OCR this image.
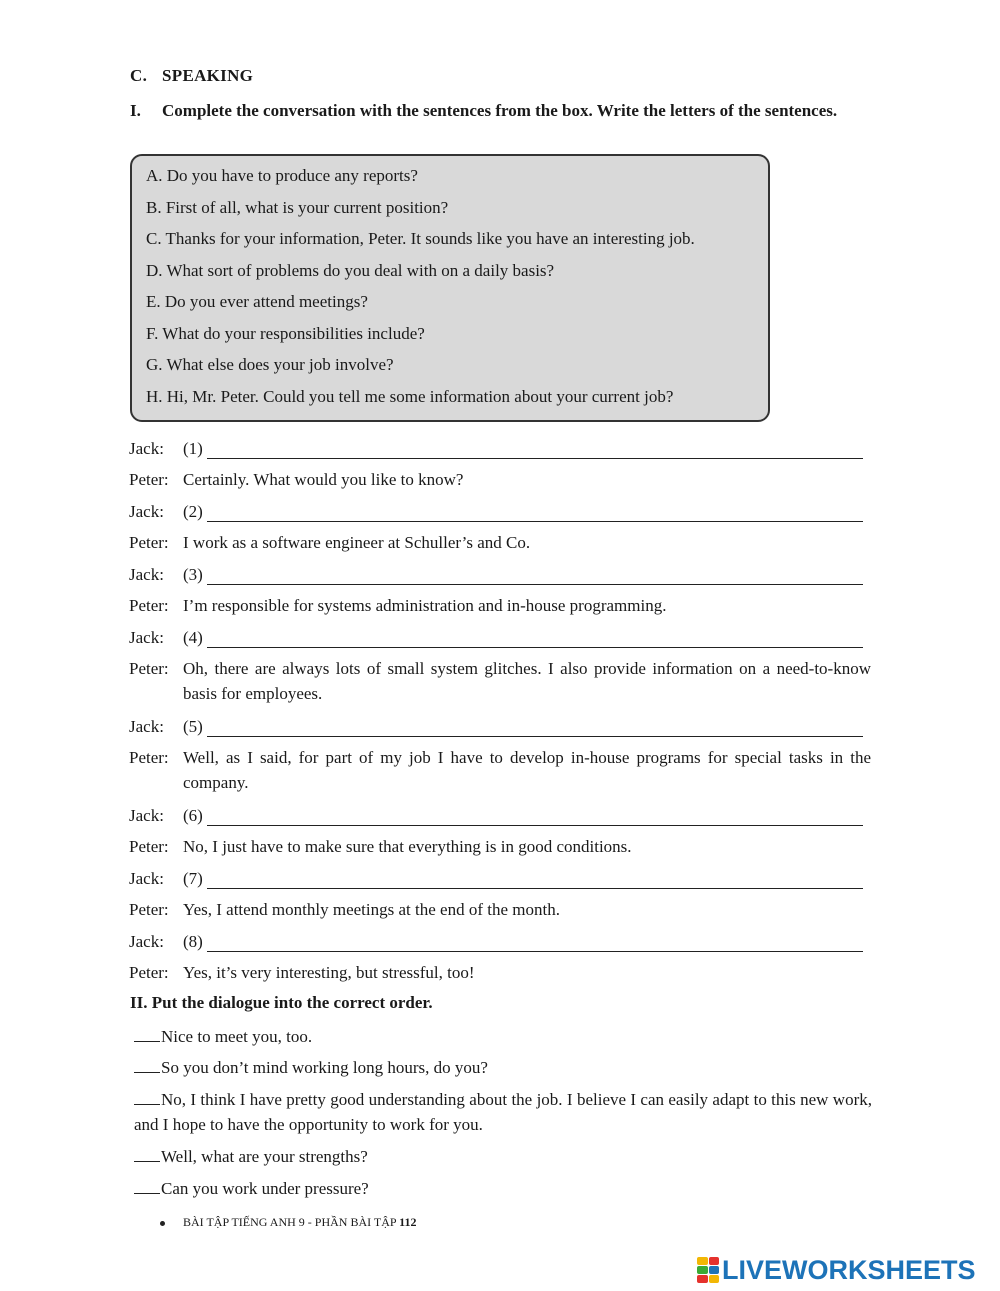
C. SPEAKING
I. Complete the conversation with the sentences from the box. Write the letters of the sentences.
A. Do you have to produce any reports?
B. First of all, what is your current position?
C. Thanks for your information, Peter. It sounds like you have an interesting job.
D. What sort of problems do you deal with on a daily basis?
E. Do you ever attend meetings?
F. What do your responsibilities include?
G. What else does your job involve?
H. Hi, Mr. Peter. Could you tell me some information about your current job?
Jack: (1)
Peter: Certainly. What would you like to know?
Jack: (2)
Peter: I work as a software engineer at Schuller’s and Co.
Jack: (3)
Peter: I’m responsible for systems administration and in-house programming.
Jack: (4)
Peter: Oh, there are always lots of small system glitches. I also provide information on a need-to-know basis for employees.
Jack: (5)
Peter: Well, as I said, for part of my job I have to develop in-house programs for special tasks in the company.
Jack: (6)
Peter: No, I just have to make sure that everything is in good conditions.
Jack: (7)
Peter: Yes, I attend monthly meetings at the end of the month.
Jack: (8)
Peter: Yes, it’s very interesting, but stressful, too!
II. Put the dialogue into the correct order.
Nice to meet you, too.
So you don’t mind working long hours, do you?
No, I think I have pretty good understanding about the job. I believe I can easily adapt to this new work, and I hope to have the opportunity to work for you.
Well, what are your strengths?
Can you work under pressure?
BÀI TẬP TIẾNG ANH 9 - PHẦN BÀI TẬP 112
LIVEWORKSHEETS
